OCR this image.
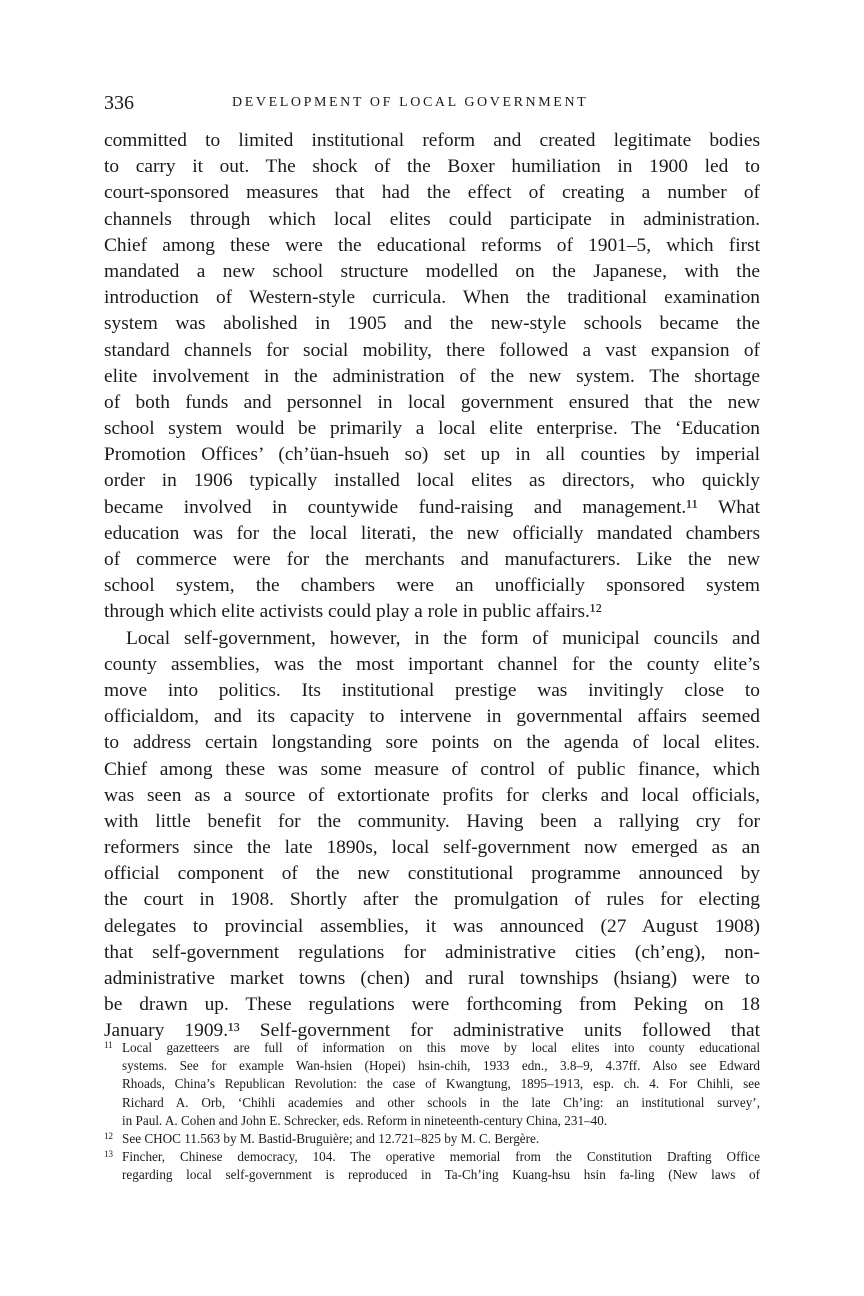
336	DEVELOPMENT OF LOCAL GOVERNMENT
committed to limited institutional reform and created legitimate bodies
to carry it out. The shock of the Boxer humiliation in 1900 led to
court-sponsored measures that had the effect of creating a number of
channels through which local elites could participate in administration.
Chief among these were the educational reforms of 1901–5, which first
mandated a new school structure modelled on the Japanese, with the
introduction of Western-style curricula. When the traditional examination
system was abolished in 1905 and the new-style schools became the
standard channels for social mobility, there followed a vast expansion of
elite involvement in the administration of the new system. The shortage
of both funds and personnel in local government ensured that the new
school system would be primarily a local elite enterprise. The ‘Education
Promotion Offices’ (ch’üan-hsueh so) set up in all counties by imperial
order in 1906 typically installed local elites as directors, who quickly
became involved in countywide fund-raising and management.¹¹ What
education was for the local literati, the new officially mandated chambers
of commerce were for the merchants and manufacturers. Like the new
school system, the chambers were an unofficially sponsored system
through which elite activists could play a role in public affairs.¹²
Local self-government, however, in the form of municipal councils and
county assemblies, was the most important channel for the county elite’s
move into politics. Its institutional prestige was invitingly close to
officialdom, and its capacity to intervene in governmental affairs seemed
to address certain longstanding sore points on the agenda of local elites.
Chief among these was some measure of control of public finance, which
was seen as a source of extortionate profits for clerks and local officials,
with little benefit for the community. Having been a rallying cry for
reformers since the late 1890s, local self-government now emerged as an
official component of the new constitutional programme announced by
the court in 1908. Shortly after the promulgation of rules for electing
delegates to provincial assemblies, it was announced (27 August 1908)
that self-government regulations for administrative cities (ch’eng), non-
administrative market towns (chen) and rural townships (hsiang) were to
be drawn up. These regulations were forthcoming from Peking on 18
January 1909.¹³ Self-government for administrative units followed that
11 Local gazetteers are full of information on this move by local elites into county educational
systems. See for example Wan-hsien (Hopei) hsin-chih, 1933 edn., 3.8–9, 4.37ff. Also see Edward
Rhoads, China’s Republican Revolution: the case of Kwangtung, 1895–1913, esp. ch. 4. For Chihli, see
Richard A. Orb, ‘Chihli academies and other schools in the late Ch’ing: an institutional survey’,
in Paul. A. Cohen and John E. Schrecker, eds. Reform in nineteenth-century China, 231–40.
12 See CHOC 11.563 by M. Bastid-Bruguière; and 12.721–825 by M. C. Bergère.
13 Fincher, Chinese democracy, 104. The operative memorial from the Constitution Drafting Office
regarding local self-government is reproduced in Ta-Ch’ing Kuang-hsu hsin fa-ling (New laws of
